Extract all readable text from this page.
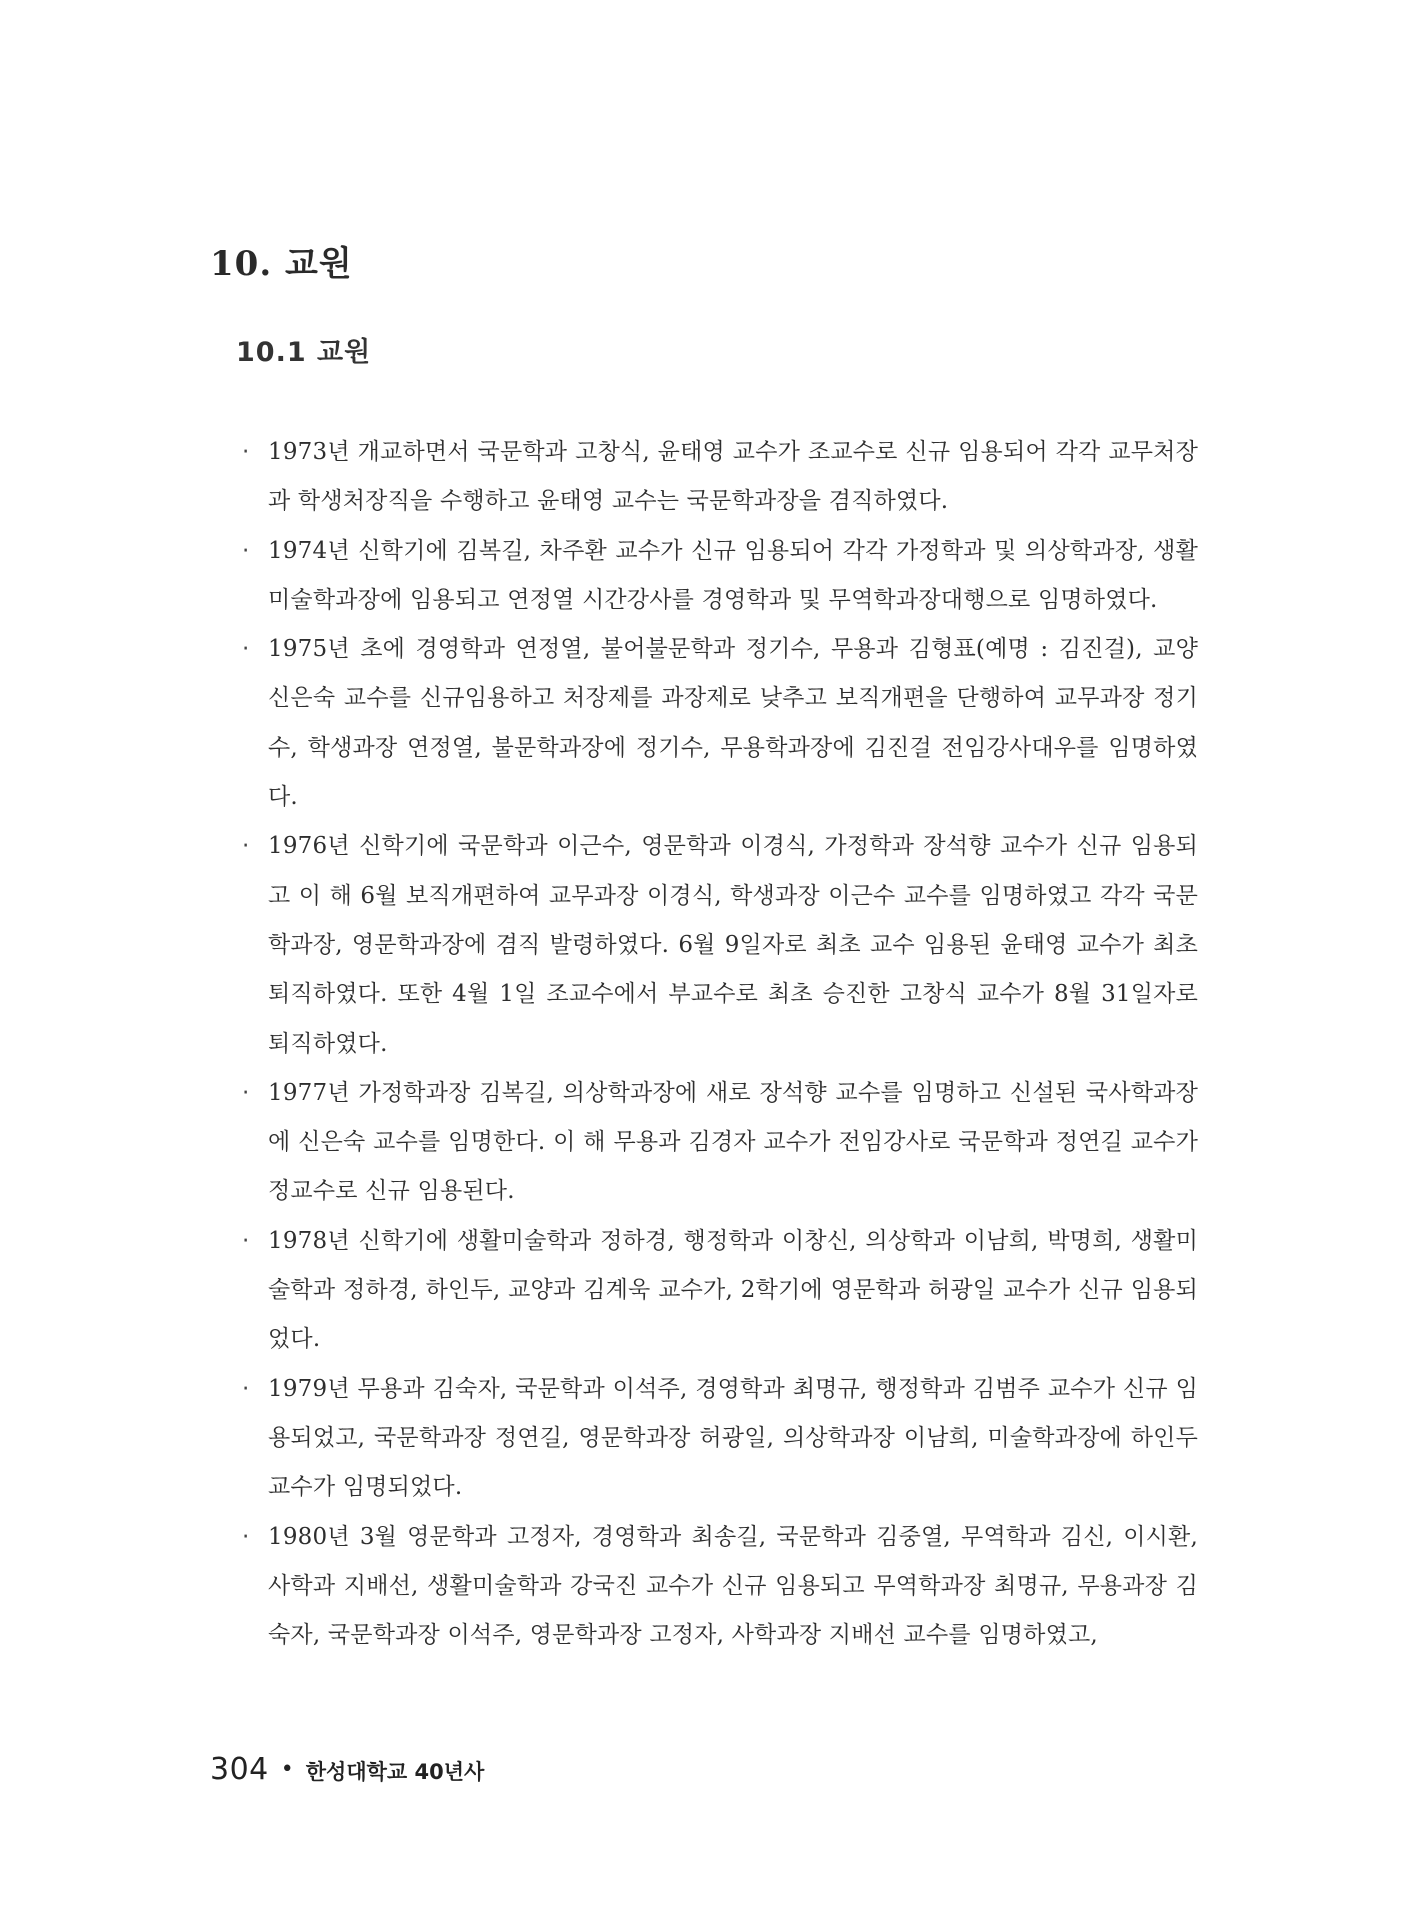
10. 교원
10.1 교원
· 1973년 개교하면서 국문학과 고창식, 윤태영 교수가 조교수로 신규 임용되어 각각 교무처장과 학생처장직을 수행하고 윤태영 교수는 국문학과장을 겸직하였다.
· 1974년 신학기에 김복길, 차주환 교수가 신규 임용되어 각각 가정학과 및 의상학과장, 생활미술학과장에 임용되고 연정열 시간강사를 경영학과 및 무역학과장대행으로 임명하였다.
· 1975년 초에 경영학과 연정열, 불어불문학과 정기수, 무용과 김형표(예명 : 김진걸), 교양 신은숙 교수를 신규임용하고 처장제를 과장제로 낮추고 보직개편을 단행하여 교무과장 정기수, 학생과장 연정열, 불문학과장에 정기수, 무용학과장에 김진걸 전임강사대우를 임명하였다.
· 1976년 신학기에 국문학과 이근수, 영문학과 이경식, 가정학과 장석향 교수가 신규 임용되고 이 해 6월 보직개편하여 교무과장 이경식, 학생과장 이근수 교수를 임명하였고 각각 국문학과장, 영문학과장에 겸직 발령하였다. 6월 9일자로 최초 교수 임용된 윤태영 교수가 최초 퇴직하였다. 또한 4월 1일 조교수에서 부교수로 최초 승진한 고창식 교수가 8월 31일자로 퇴직하였다.
· 1977년 가정학과장 김복길, 의상학과장에 새로 장석향 교수를 임명하고 신설된 국사학과장에 신은숙 교수를 임명한다. 이 해 무용과 김경자 교수가 전임강사로 국문학과 정연길 교수가 정교수로 신규 임용된다.
· 1978년 신학기에 생활미술학과 정하경, 행정학과 이창신, 의상학과 이남희, 박명희, 생활미술학과 정하경, 하인두, 교양과 김계욱 교수가, 2학기에 영문학과 허광일 교수가 신규 임용되었다.
· 1979년 무용과 김숙자, 국문학과 이석주, 경영학과 최명규, 행정학과 김범주 교수가 신규 임용되었고, 국문학과장 정연길, 영문학과장 허광일, 의상학과장 이남희, 미술학과장에 하인두 교수가 임명되었다.
· 1980년 3월 영문학과 고정자, 경영학과 최송길, 국문학과 김중열, 무역학과 김신, 이시환, 사학과 지배선, 생활미술학과 강국진 교수가 신규 임용되고 무역학과장 최명규, 무용과장 김숙자, 국문학과장 이석주, 영문학과장 고정자, 사학과장 지배선 교수를 임명하였고,
304 • 한성대학교 40년사
